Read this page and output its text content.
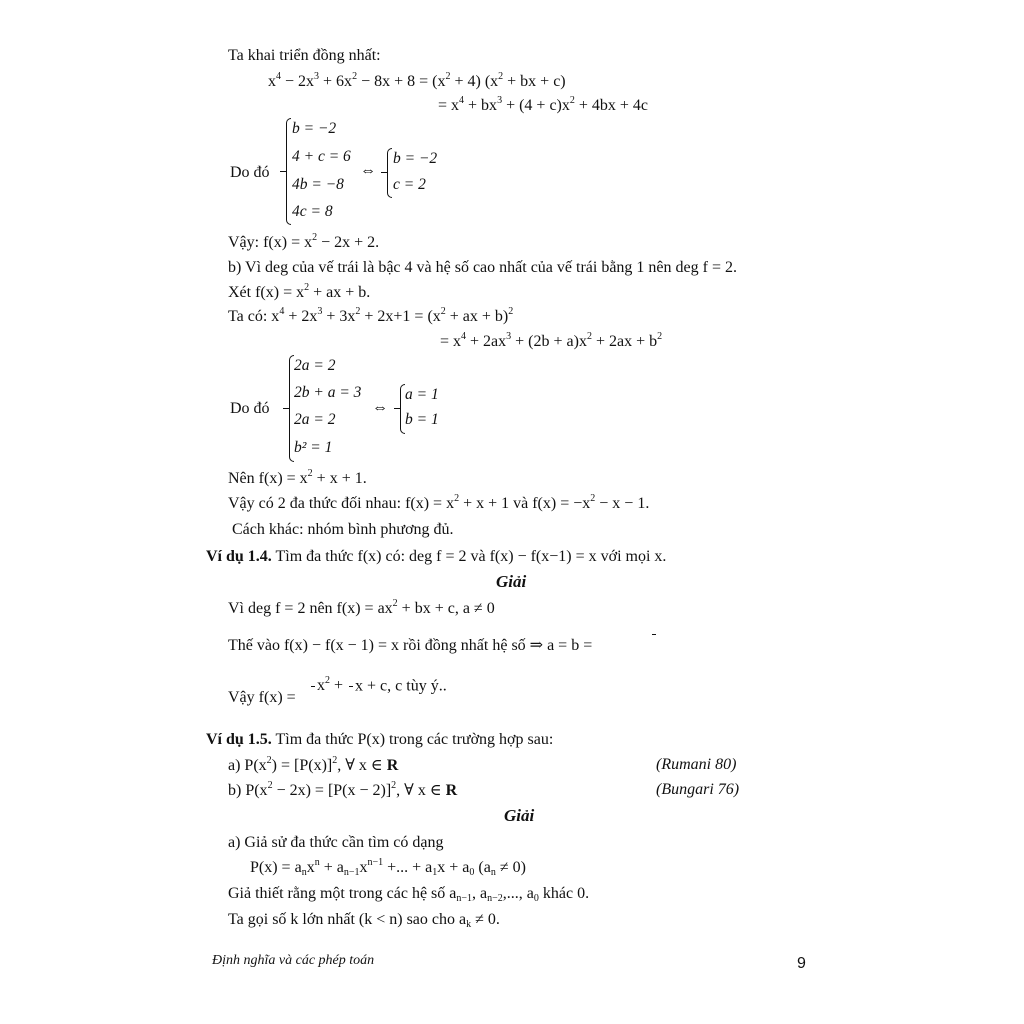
Ta khai triển đồng nhất:
$x^4 - 2x^3 + 6x^2 - 8x + 8 = (x^2 + 4) (x^2$ + bx + c)
= $x^4 + bx^3 + (4 + c)x^2 + 4bx + 4c$
Do đó
b = −2
4 + c = 6
4b = −8
4c = 8
⇔
b = −2
c = 2
Vậy: $f(x) = x^2 - 2x + 2$.
b) Vì deg của vế trái là bậc 4 và hệ số cao nhất của vế trái bằng 1 nên deg f = 2.
Xét $f(x) = x^2$ + ax + b.
Ta có: $x^4 + 2x^3 + 3x^2 + 2x+1 = (x^2$ + ax + b)$^2$
= $x^4 + 2ax^3 + (2b + a)x^2 + 2ax + b^2$
Do đó
2a = 2
2b + a = 3
2a = 2
b² = 1
⇔
a = 1
b = 1
Nên $f(x) = x^2 + x + 1$.
Vậy có 2 đa thức đối nhau: $f(x) = x^2 + x + 1$ và $f(x) = -x^2 - x - 1$.
Cách khác: nhóm bình phương đủ.
Ví dụ 1.4. Tìm đa thức f(x) có: deg f = 2 và f(x) − f(x−1) = x với mọi x.
Giải
Vì deg f = 2 nên $f(x) = ax^2$ + bx + c, a ≠ 0
Thế vào f(x) − f(x − 1) = x rồi đồng nhất hệ số ⇒ a = b =
Vậy f(x) =
$x^2$ +
x + c, c tùy ý..
Ví dụ 1.5. Tìm đa thức P(x) trong các trường hợp sau:
a) $P(x^2) = [P(x)]^2$, ∀ x ∈ R	(Rumani 80)
b) $P(x^2 - 2x) = [P(x - 2)]^2$, ∀ x ∈ R	(Bungari 76)
Giải
a) Giả sử đa thức cần tìm có dạng
$P(x) = a_nx^n + a_{n-1}x^{n-1}$ +... + $a_1x + a_0$ $(a_n \ne 0)$
Giả thiết rằng một trong các hệ số $a_{n-1}$, $a_{n-2}$,..., $a_0$ khác 0.
Ta gọi số k lớn nhất (k < n) sao cho $a_k \ne 0$.
Định nghĩa và các phép toán	9
